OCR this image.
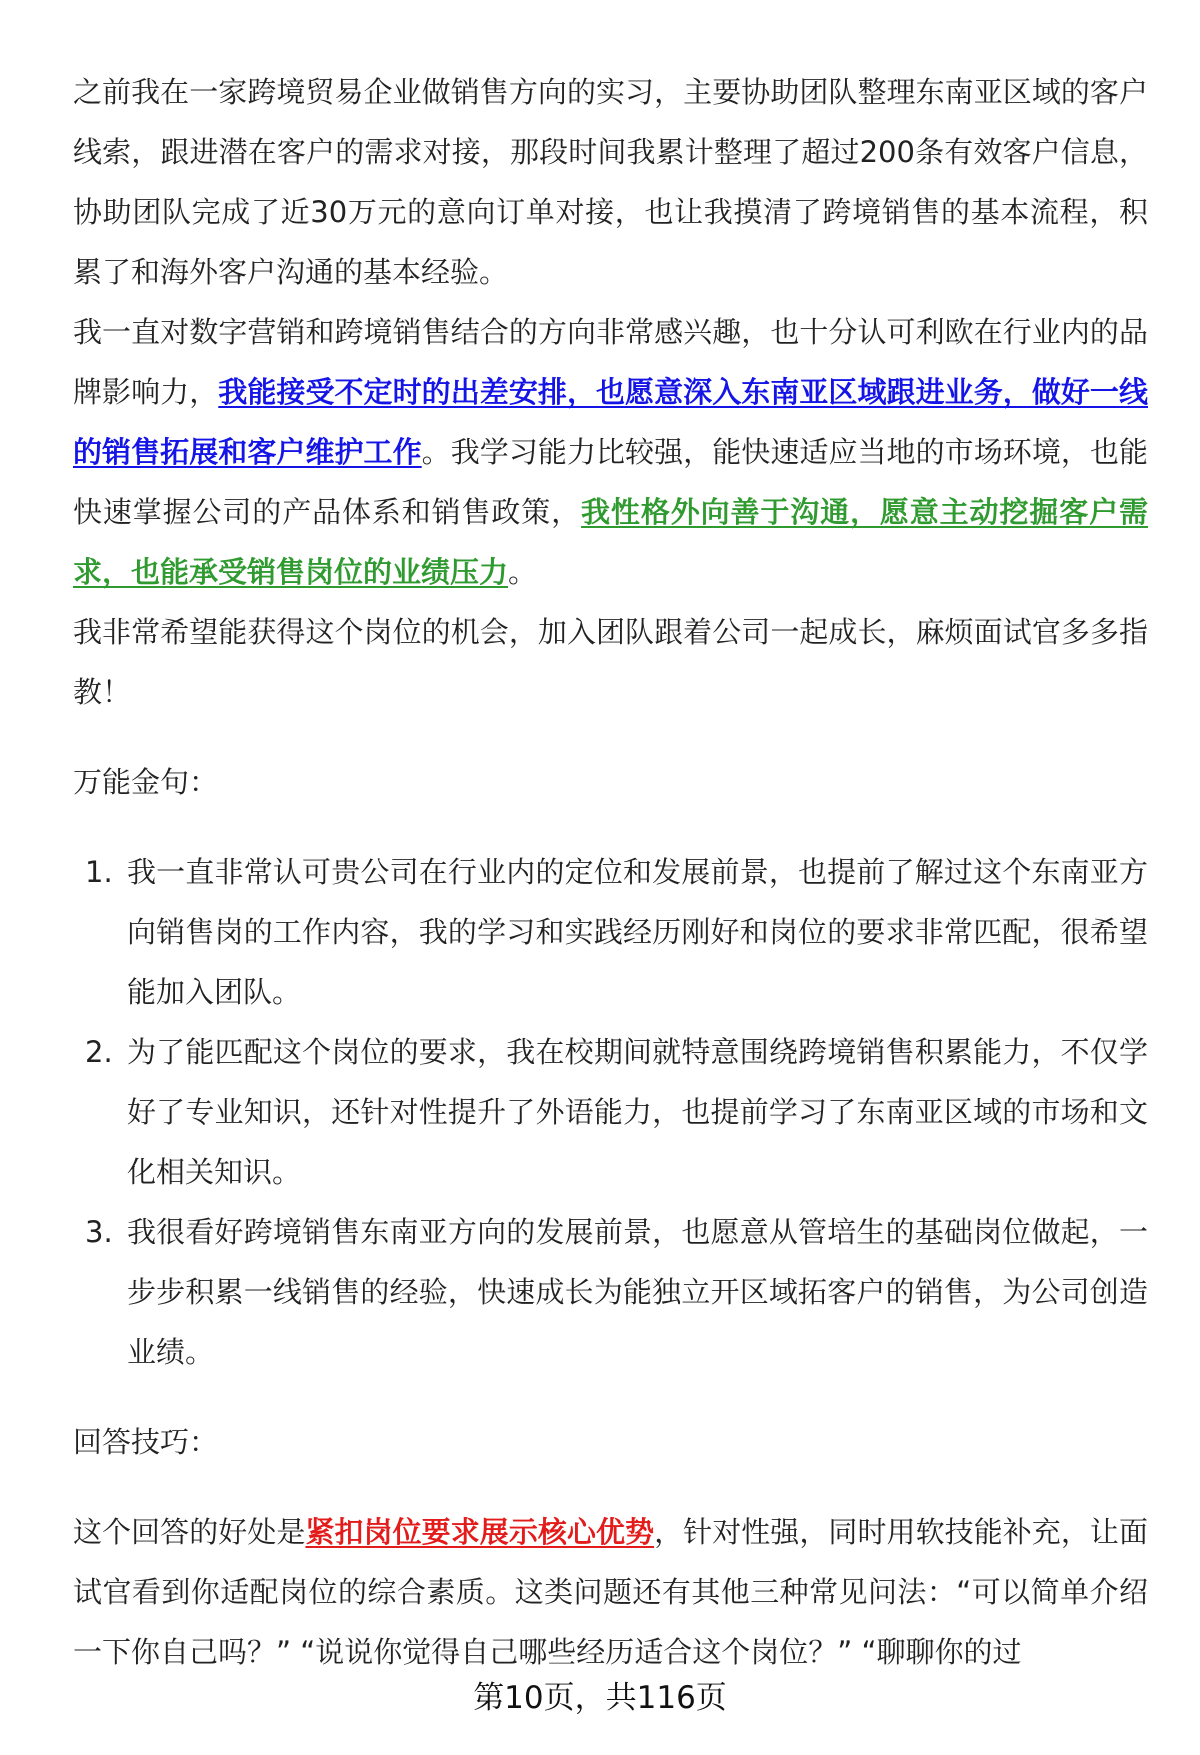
之前我在一家跨境贸易企业做销售方向的实习，主要协助团队整理东南亚区域的客户线索，跟进潜在客户的需求对接，那段时间我累计整理了超过200条有效客户信息，协助团队完成了近30万元的意向订单对接，也让我摸清了跨境销售的基本流程，积累了和海外客户沟通的基本经验。

我一直对数字营销和跨境销售结合的方向非常感兴趣，也十分认可利欧在行业内的品牌影响力，我能接受不定时的出差安排，也愿意深入东南亚区域跟进业务，做好一线的销售拓展和客户维护工作。我学习能力比较强，能快速适应当地的市场环境，也能快速掌握公司的产品体系和销售政策，我性格外向善于沟通，愿意主动挖掘客户需求，也能承受销售岗位的业绩压力。

我非常希望能获得这个岗位的机会，加入团队跟着公司一起成长，麻烦面试官多多指教！

万能金句：

1. 我一直非常认可贵公司在行业内的定位和发展前景，也提前了解过这个东南亚方向销售岗的工作内容，我的学习和实践经历刚好和岗位的要求非常匹配，很希望能加入团队。
2. 为了能匹配这个岗位的要求，我在校期间就特意围绕跨境销售积累能力，不仅学好了专业知识，还针对性提升了外语能力，也提前学习了东南亚区域的市场和文化相关知识。
3. 我很看好跨境销售东南亚方向的发展前景，也愿意从管培生的基础岗位做起，一步步积累一线销售的经验，快速成长为能独立开区域拓客户的销售，为公司创造业绩。

回答技巧：

这个回答的好处是紧扣岗位要求展示核心优势，针对性强，同时用软技能补充，让面试官看到你适配岗位的综合素质。这类问题还有其他三种常见问法：“可以简单介绍一下你自己吗？” “说说你觉得自己哪些经历适合这个岗位？” “聊聊你的过

第10页，共116页
